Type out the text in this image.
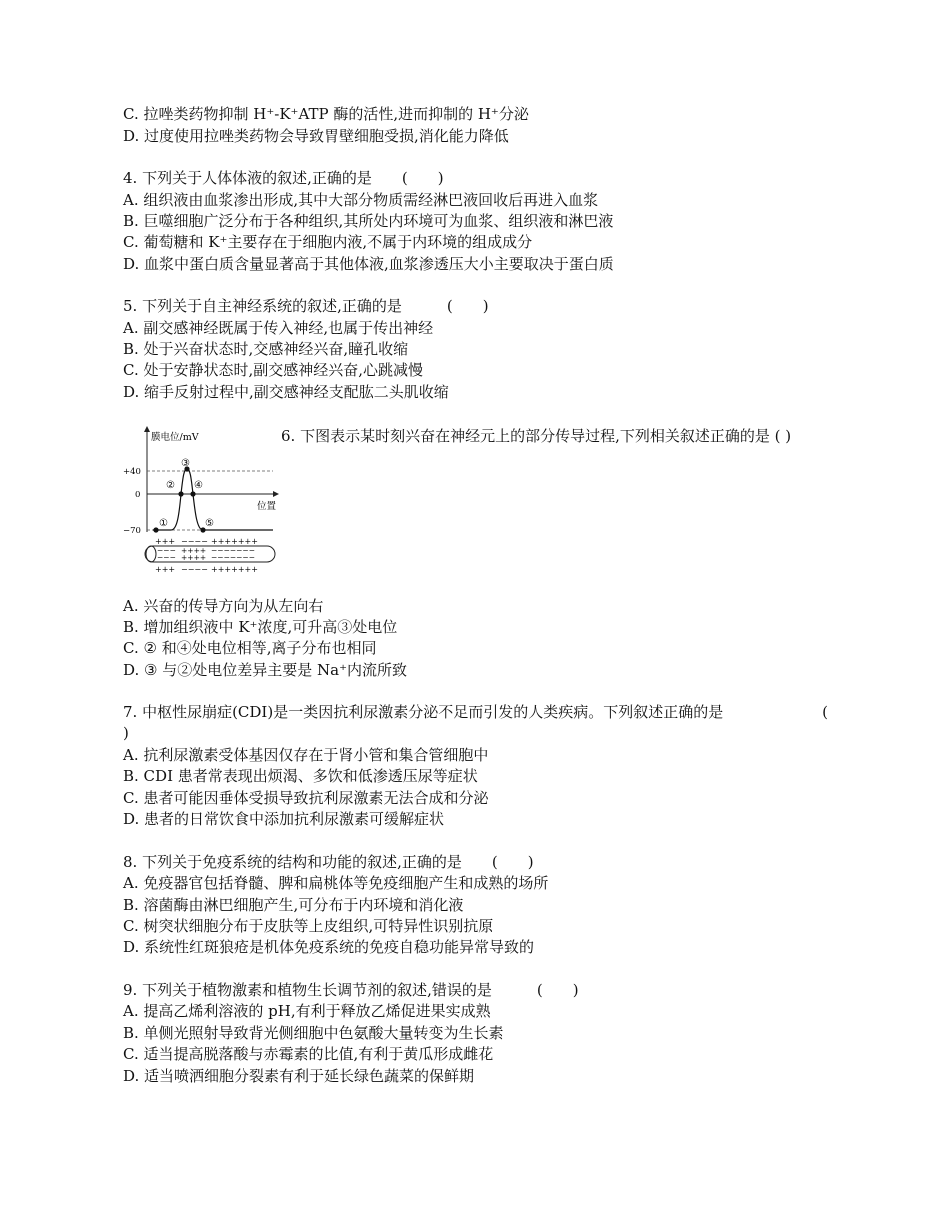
C. 拉唑类药物抑制 H⁺-K⁺ATP 酶的活性,进而抑制的 H⁺分泌
D. 过度使用拉唑类药物会导致胃壁细胞受损,消化能力降低
4. 下列关于人体体液的叙述,正确的是　　(　　)
A. 组织液由血浆渗出形成,其中大部分物质需经淋巴液回收后再进入血浆
B. 巨噬细胞广泛分布于各种组织,其所处内环境可为血浆、组织液和淋巴液
C. 葡萄糖和 K⁺主要存在于细胞内液,不属于内环境的组成成分
D. 血浆中蛋白质含量显著高于其他体液,血浆渗透压大小主要取决于蛋白质
5. 下列关于自主神经系统的叙述,正确的是　　　(　　)
A. 副交感神经既属于传入神经,也属于传出神经
B. 处于兴奋状态时,交感神经兴奋,瞳孔收缩
C. 处于安静状态时,副交感神经兴奋,心跳减慢
D. 缩手反射过程中,副交感神经支配肱二头肌收缩
膜电位/mV
位置
+40
0
−70
①
②
③
④
⑤
+++ −−−− +++++++
−−− ++++ −−−−−−−
−−− ++++ −−−−−−−
+++ −−−− +++++++
6. 下图表示某时刻兴奋在神经元上的部分传导过程,下列相关叙述正确的是 ( )
A. 兴奋的传导方向为从左向右
B. 增加组织液中 K⁺浓度,可升高③处电位
C. ② 和④处电位相等,离子分布也相同
D. ③ 与②处电位差异主要是 Na⁺内流所致
(
7. 中枢性尿崩症(CDI)是一类因抗利尿激素分泌不足而引发的人类疾病。下列叙述正确的是
)
A. 抗利尿激素受体基因仅存在于肾小管和集合管细胞中
B. CDI 患者常表现出烦渴、多饮和低渗透压尿等症状
C. 患者可能因垂体受损导致抗利尿激素无法合成和分泌
D. 患者的日常饮食中添加抗利尿激素可缓解症状
8. 下列关于免疫系统的结构和功能的叙述,正确的是　　(　　)
A. 免疫器官包括脊髓、脾和扁桃体等免疫细胞产生和成熟的场所
B. 溶菌酶由淋巴细胞产生,可分布于内环境和消化液
C. 树突状细胞分布于皮肤等上皮组织,可特异性识别抗原
D. 系统性红斑狼疮是机体免疫系统的免疫自稳功能异常导致的
9. 下列关于植物激素和植物生长调节剂的叙述,错误的是　　　(　　)
A. 提高乙烯利溶液的 pH,有利于释放乙烯促进果实成熟
B. 单侧光照射导致背光侧细胞中色氨酸大量转变为生长素
C. 适当提高脱落酸与赤霉素的比值,有利于黄瓜形成雌花
D. 适当喷洒细胞分裂素有利于延长绿色蔬菜的保鲜期
